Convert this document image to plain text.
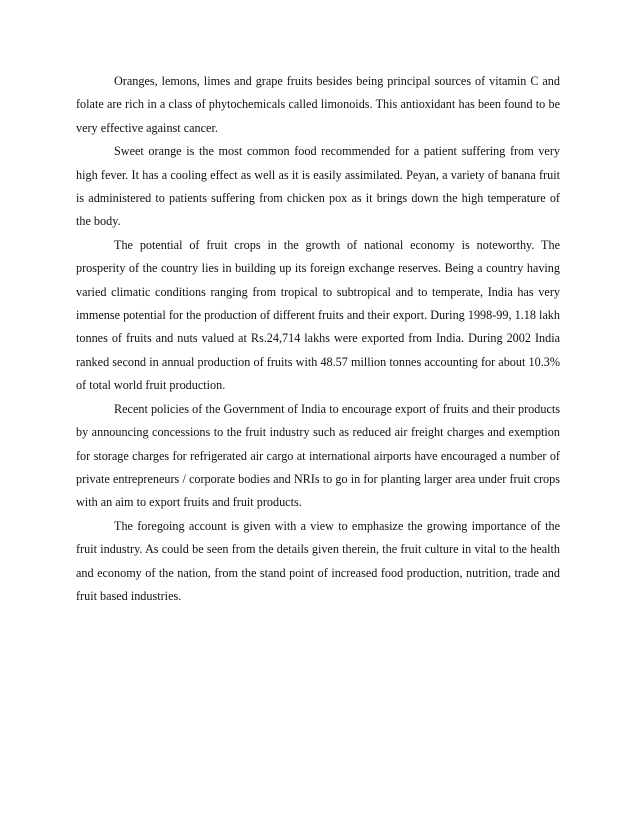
Oranges, lemons, limes and grape fruits besides being principal sources of vitamin C and folate are rich in a class of phytochemicals called limonoids. This antioxidant has been found to be very effective against cancer.

Sweet orange is the most common food recommended for a patient suffering from very high fever. It has a cooling effect as well as it is easily assimilated. Peyan, a variety of banana fruit is administered to patients suffering from chicken pox as it brings down the high temperature of the body.

The potential of fruit crops in the growth of national economy is noteworthy. The prosperity of the country lies in building up its foreign exchange reserves. Being a country having varied climatic conditions ranging from tropical to subtropical and to temperate, India has very immense potential for the production of different fruits and their export. During 1998-99, 1.18 lakh tonnes of fruits and nuts valued at Rs.24,714 lakhs were exported from India. During 2002 India ranked second in annual production of fruits with 48.57 million tonnes accounting for about 10.3% of total world fruit production.

Recent policies of the Government of India to encourage export of fruits and their products by announcing concessions to the fruit industry such as reduced air freight charges and exemption for storage charges for refrigerated air cargo at international airports have encouraged a number of private entrepreneurs / corporate bodies and NRIs to go in for planting larger area under fruit crops with an aim to export fruits and fruit products.

The foregoing account is given with a view to emphasize the growing importance of the fruit industry. As could be seen from the details given therein, the fruit culture in vital to the health and economy of the nation, from the stand point of increased food production, nutrition, trade and fruit based industries.
